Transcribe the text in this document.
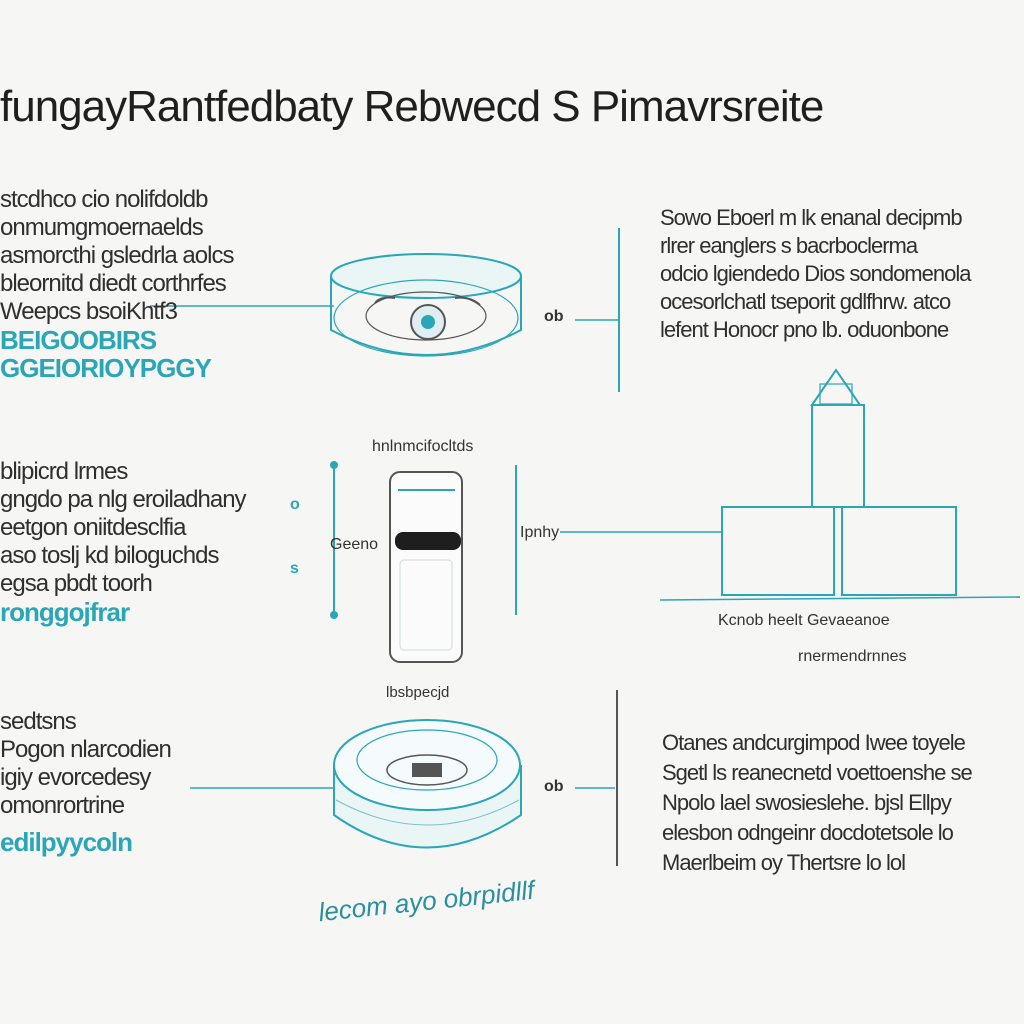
fungayRantfedbaty Rebwecd S Pimavrsreite
stcdhco cio nolifdoldb
onmumgmoernaelds
asmorcthi gsledrla aolcs
bleornitd diedt corthrfes
Weepcs bsoiKhtf3
BEIGOOBIRS
GGEIORIOYPGGY
blipicrd lrmes
gngdo pa nlg eroiladhany
eetgon oniitdesclfia
aso toslj kd biloguchds
egsa pbdt toorh
ronggojfrar
sedtsns
Pogon nlarcodien
igiy evorcedesy
omonrortrine
edilpyycoln
Sowo Eboerl m lk enanal decipmb
rlrer eanglers s bacrboclerma
odcio lgiendedo Dios sondomenola
ocesorlchatl tseporit gdlfhrw. atco
lefent Honocr pno lb. oduonbone
Otanes andcurgimpod Iwee toyele
Sgetl ls reanecnetd voettoenshe se
Npolo lael swosieslehe. bjsl Ellpy
elesbon odngeinr docdotetsole lo
Maerlbeim oy Thertsre lo lol
ob
hnlnmcifocltds
Geeno
Ipnhy
o
s
lbsbpecjd
ob
lecom ayo obrpidllf
Kcnob heelt Gevaeanoe
rnermendrnnes
